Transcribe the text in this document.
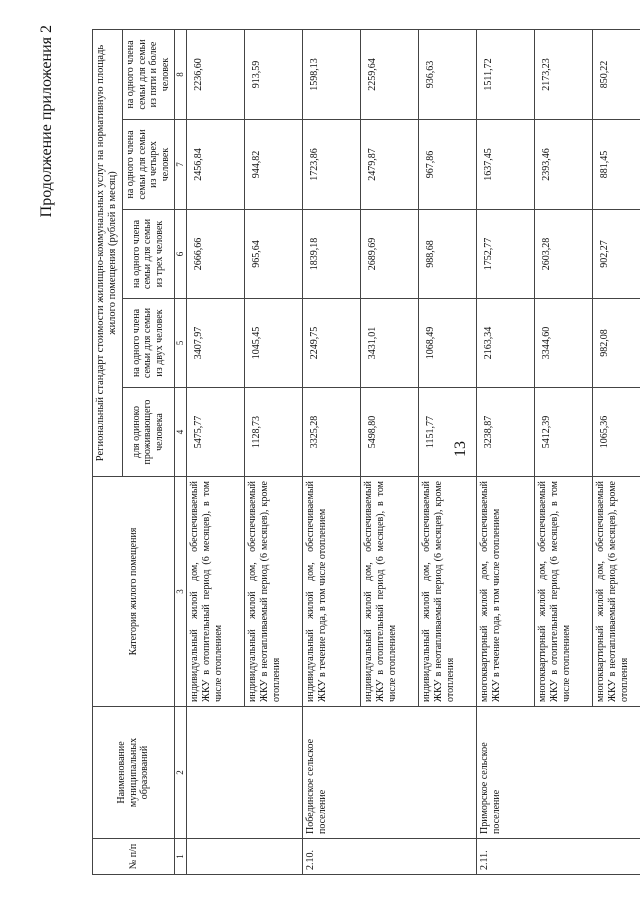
13
Продолжение приложения 2
№ п/п	Наименование муниципальных образований	Категория жилого помещения	Региональный стандарт стоимости жилищно-коммунальных услуг на нормативную площадь жилого помещения (рублей в месяц)				
			для одиноко проживающего человека	на одного члена семьи для семьи из двух человек	на одного члена семьи для семьи из трех человек	на одного члена семьи для семьи из четырех человек	на одного члена семьи для семьи из пяти и более человек
1	2	3	4	5	6	7	8
		индивидуальный жилой дом, обеспечиваемый ЖКУ в отопительный период (6 месяцев), в том числе отоплением	5475,77	3407,97	2666,66	2456,84	2236,60
		индивидуальный жилой дом, обеспечиваемый ЖКУ в неотапливаемый период (6 месяцев), кроме отопления	1128,73	1045,45	965,64	944,82	913,59
2.10.	Побединское сельское поселение	индивидуальный жилой дом, обеспечиваемый ЖКУ в течение года, в том числе отоплением	3325,28	2249,75	1839,18	1723,86	1598,13
		индивидуальный жилой дом, обеспечиваемый ЖКУ в отопительный период (6 месяцев), в том числе отоплением	5498,80	3431,01	2689,69	2479,87	2259,64
		индивидуальный жилой дом, обеспечиваемый ЖКУ в неотапливаемый период (6 месяцев), кроме отопления	1151,77	1068,49	988,68	967,86	936,63
2.11.	Приморское сельское поселение	многоквартирный жилой дом, обеспечиваемый ЖКУ в течение года, в том числе отоплением	3238,87	2163,34	1752,77	1637,45	1511,72
		многоквартирный жилой дом, обеспечиваемый ЖКУ в отопительный период (6 месяцев), в том числе отоплением	5412,39	3344,60	2603,28	2393,46	2173,23
		многоквартирный жилой дом, обеспечиваемый ЖКУ в неотапливаемый период (6 месяцев), кроме отопления	1065,36	982,08	902,27	881,45	850,22
